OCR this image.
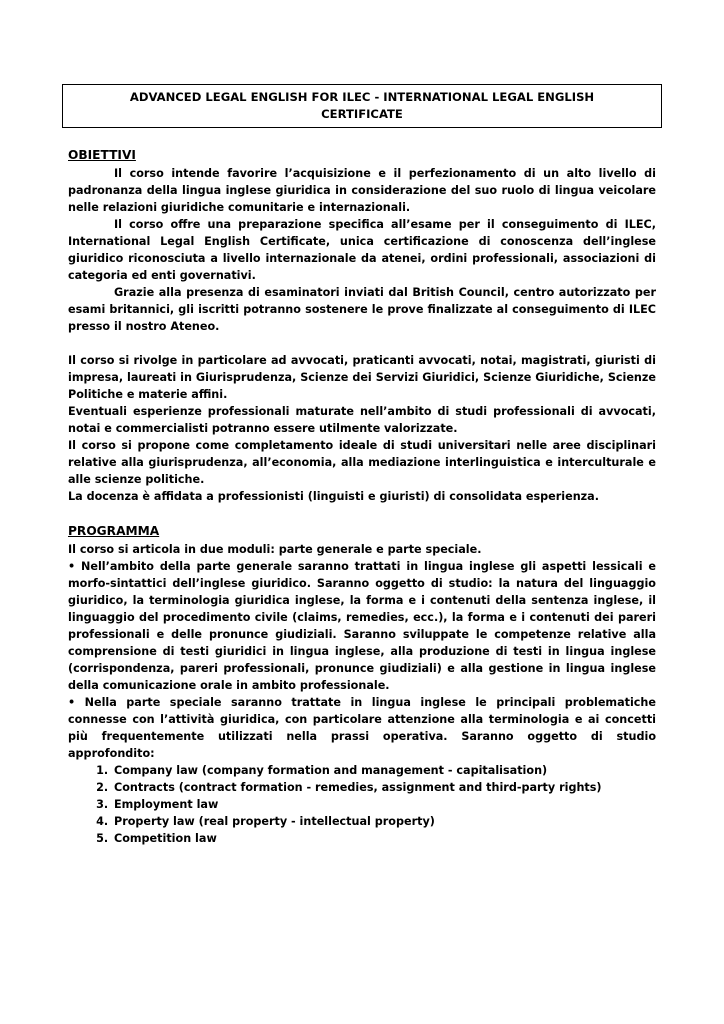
ADVANCED LEGAL ENGLISH FOR ILEC - INTERNATIONAL LEGAL ENGLISH
CERTIFICATE
OBIETTIVI

Il corso intende favorire l’acquisizione e il perfezionamento di un alto livello di padronanza della lingua inglese giuridica in considerazione del suo ruolo di lingua veicolare nelle relazioni giuridiche comunitarie e internazionali.

Il corso offre una preparazione specifica all’esame per il conseguimento di ILEC, International Legal English Certificate, unica certificazione di conoscenza dell’inglese giuridico riconosciuta a livello internazionale da atenei, ordini professionali, associazioni di categoria ed enti governativi.

Grazie alla presenza di esaminatori inviati dal British Council, centro autorizzato per esami britannici, gli iscritti potranno sostenere le prove finalizzate al conseguimento di ILEC presso il nostro Ateneo.

Il corso si rivolge in particolare ad avvocati, praticanti avvocati, notai, magistrati, giuristi di impresa, laureati in Giurisprudenza, Scienze dei Servizi Giuridici, Scienze Giuridiche, Scienze Politiche e materie affini.

Eventuali esperienze professionali maturate nell’ambito di studi professionali di avvocati, notai e commercialisti potranno essere utilmente valorizzate.

Il corso si propone come completamento ideale di studi universitari nelle aree disciplinari relative alla giurisprudenza, all’economia, alla mediazione interlinguistica e interculturale e alle scienze politiche.

La docenza è affidata a professionisti (linguisti e giuristi) di consolidata esperienza.

PROGRAMMA

Il corso si articola in due moduli: parte generale e parte speciale.

• Nell’ambito della parte generale saranno trattati in lingua inglese gli aspetti lessicali e morfo-sintattici dell’inglese giuridico. Saranno oggetto di studio: la natura del linguaggio giuridico, la terminologia giuridica inglese, la forma e i contenuti della sentenza inglese, il linguaggio del procedimento civile (claims, remedies, ecc.), la forma e i contenuti dei pareri professionali e delle pronunce giudiziali. Saranno sviluppate le competenze relative alla comprensione di testi giuridici in lingua inglese, alla produzione di testi in lingua inglese (corrispondenza, pareri professionali, pronunce giudiziali) e alla gestione in lingua inglese della comunicazione orale in ambito professionale.

• Nella parte speciale saranno trattate in lingua inglese le principali problematiche connesse con l’attività giuridica, con particolare attenzione alla terminologia e ai concetti più frequentemente utilizzati nella prassi operativa. Saranno oggetto di studio approfondito:

1. Company law (company formation and management - capitalisation)
2. Contracts (contract formation - remedies, assignment and third-party rights)
3. Employment law
4. Property law (real property - intellectual property)
5. Competition law
